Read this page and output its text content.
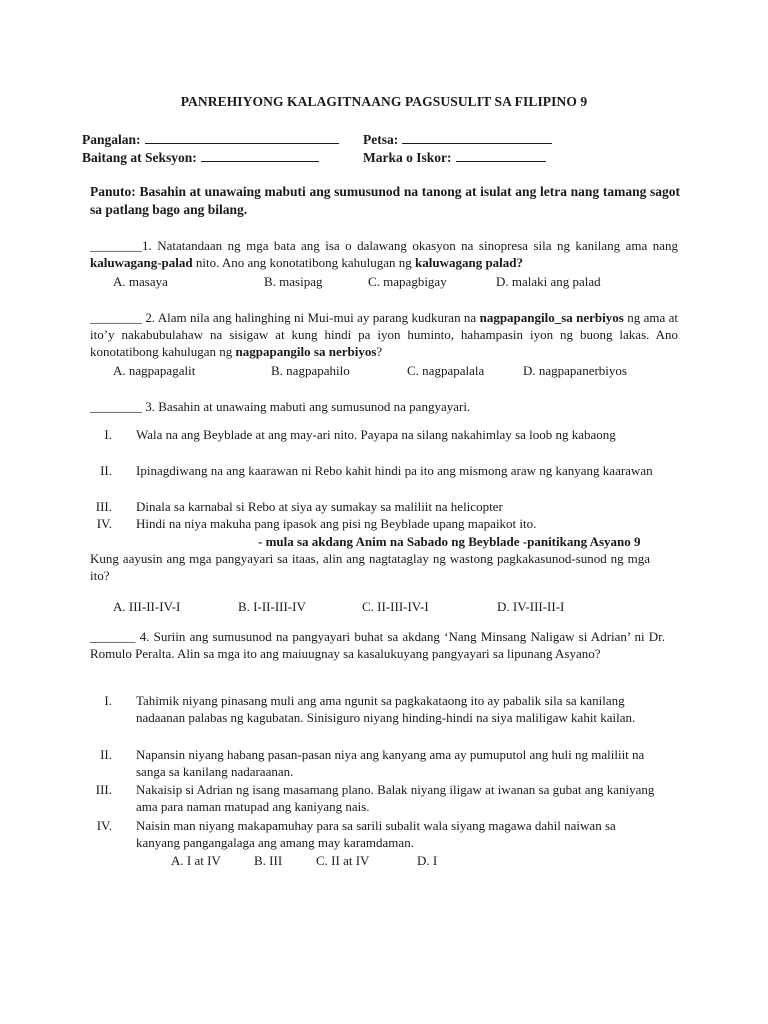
PANREHIYONG KALAGITNAANG PAGSUSULIT SA FILIPINO 9
Pangalan:	Petsa:
Baitang at Seksyon:	Marka o Iskor:
Panuto: Basahin at unawaing mabuti ang sumusunod na tanong at isulat ang letra nang tamang sagot sa patlang bago ang bilang.
________1. Natatandaan ng mga bata ang isa o dalawang okasyon na sinopresa sila ng kanilang ama nang kaluwagang-palad nito. Ano ang konotatibong kahulugan ng kaluwagang palad?
A. masaya	B. masipag	C. mapagbigay	D. malaki ang palad
________ 2. Alam nila ang halinghing ni Mui-mui ay parang kudkuran na nagpapangilo_sa nerbiyos ng ama at ito’y nakabubulahaw na sisigaw at kung hindi pa iyon huminto, hahampasin iyon ng buong lakas. Ano konotatibong kahulugan ng nagpapangilo sa nerbiyos?
A. nagpapagalit	B. nagpapahilo	C. nagpapalala	D. nagpapanerbiyos
________ 3. Basahin at unawaing mabuti ang sumusunod na pangyayari.
I. Wala na ang Beyblade at ang may-ari nito. Payapa na silang nakahimlay sa loob ng kabaong
II. Ipinagdiwang na ang kaarawan ni Rebo kahit hindi pa ito ang mismong araw ng kanyang kaarawan
III. Dinala sa karnabal si Rebo at siya ay sumakay sa maliliit na helicopter
IV. Hindi na niya makuha pang ipasok ang pisi ng Beyblade upang mapaikot ito.
- mula sa akdang Anim na Sabado ng Beyblade -panitikang Asyano 9
Kung aayusin ang mga pangyayari sa itaas, alin ang nagtataglay ng wastong pagkakasunod-sunod ng mga ito?
A. III-II-IV-I	B. I-II-III-IV	C. II-III-IV-I	D. IV-III-II-I
_______ 4. Suriin ang sumusunod na pangyayari buhat sa akdang ‘Nang Minsang Naligaw si Adrian’ ni Dr. Romulo Peralta. Alin sa mga ito ang maiuugnay sa kasalukuyang pangyayari sa lipunang Asyano?
I. Tahimik niyang pinasang muli ang ama ngunit sa pagkakataong ito ay pabalik sila sa kanilang nadaanan palabas ng kagubatan. Sinisiguro niyang hinding-hindi na siya maliligaw kahit kailan.
II. Napansin niyang habang pasan-pasan niya ang kanyang ama ay pumuputol ang huli ng maliliit na sanga sa kanilang nadaraanan.
III. Nakaisip si Adrian ng isang masamang plano. Balak niyang iligaw at iwanan sa gubat ang kaniyang ama para naman matupad ang kaniyang nais.
IV. Naisin man niyang makapamuhay para sa sarili subalit wala siyang magawa dahil naiwan sa kanyang pangangalaga ang amang may karamdaman.
A. I at IV	B. III	C. II at IV	D. I
